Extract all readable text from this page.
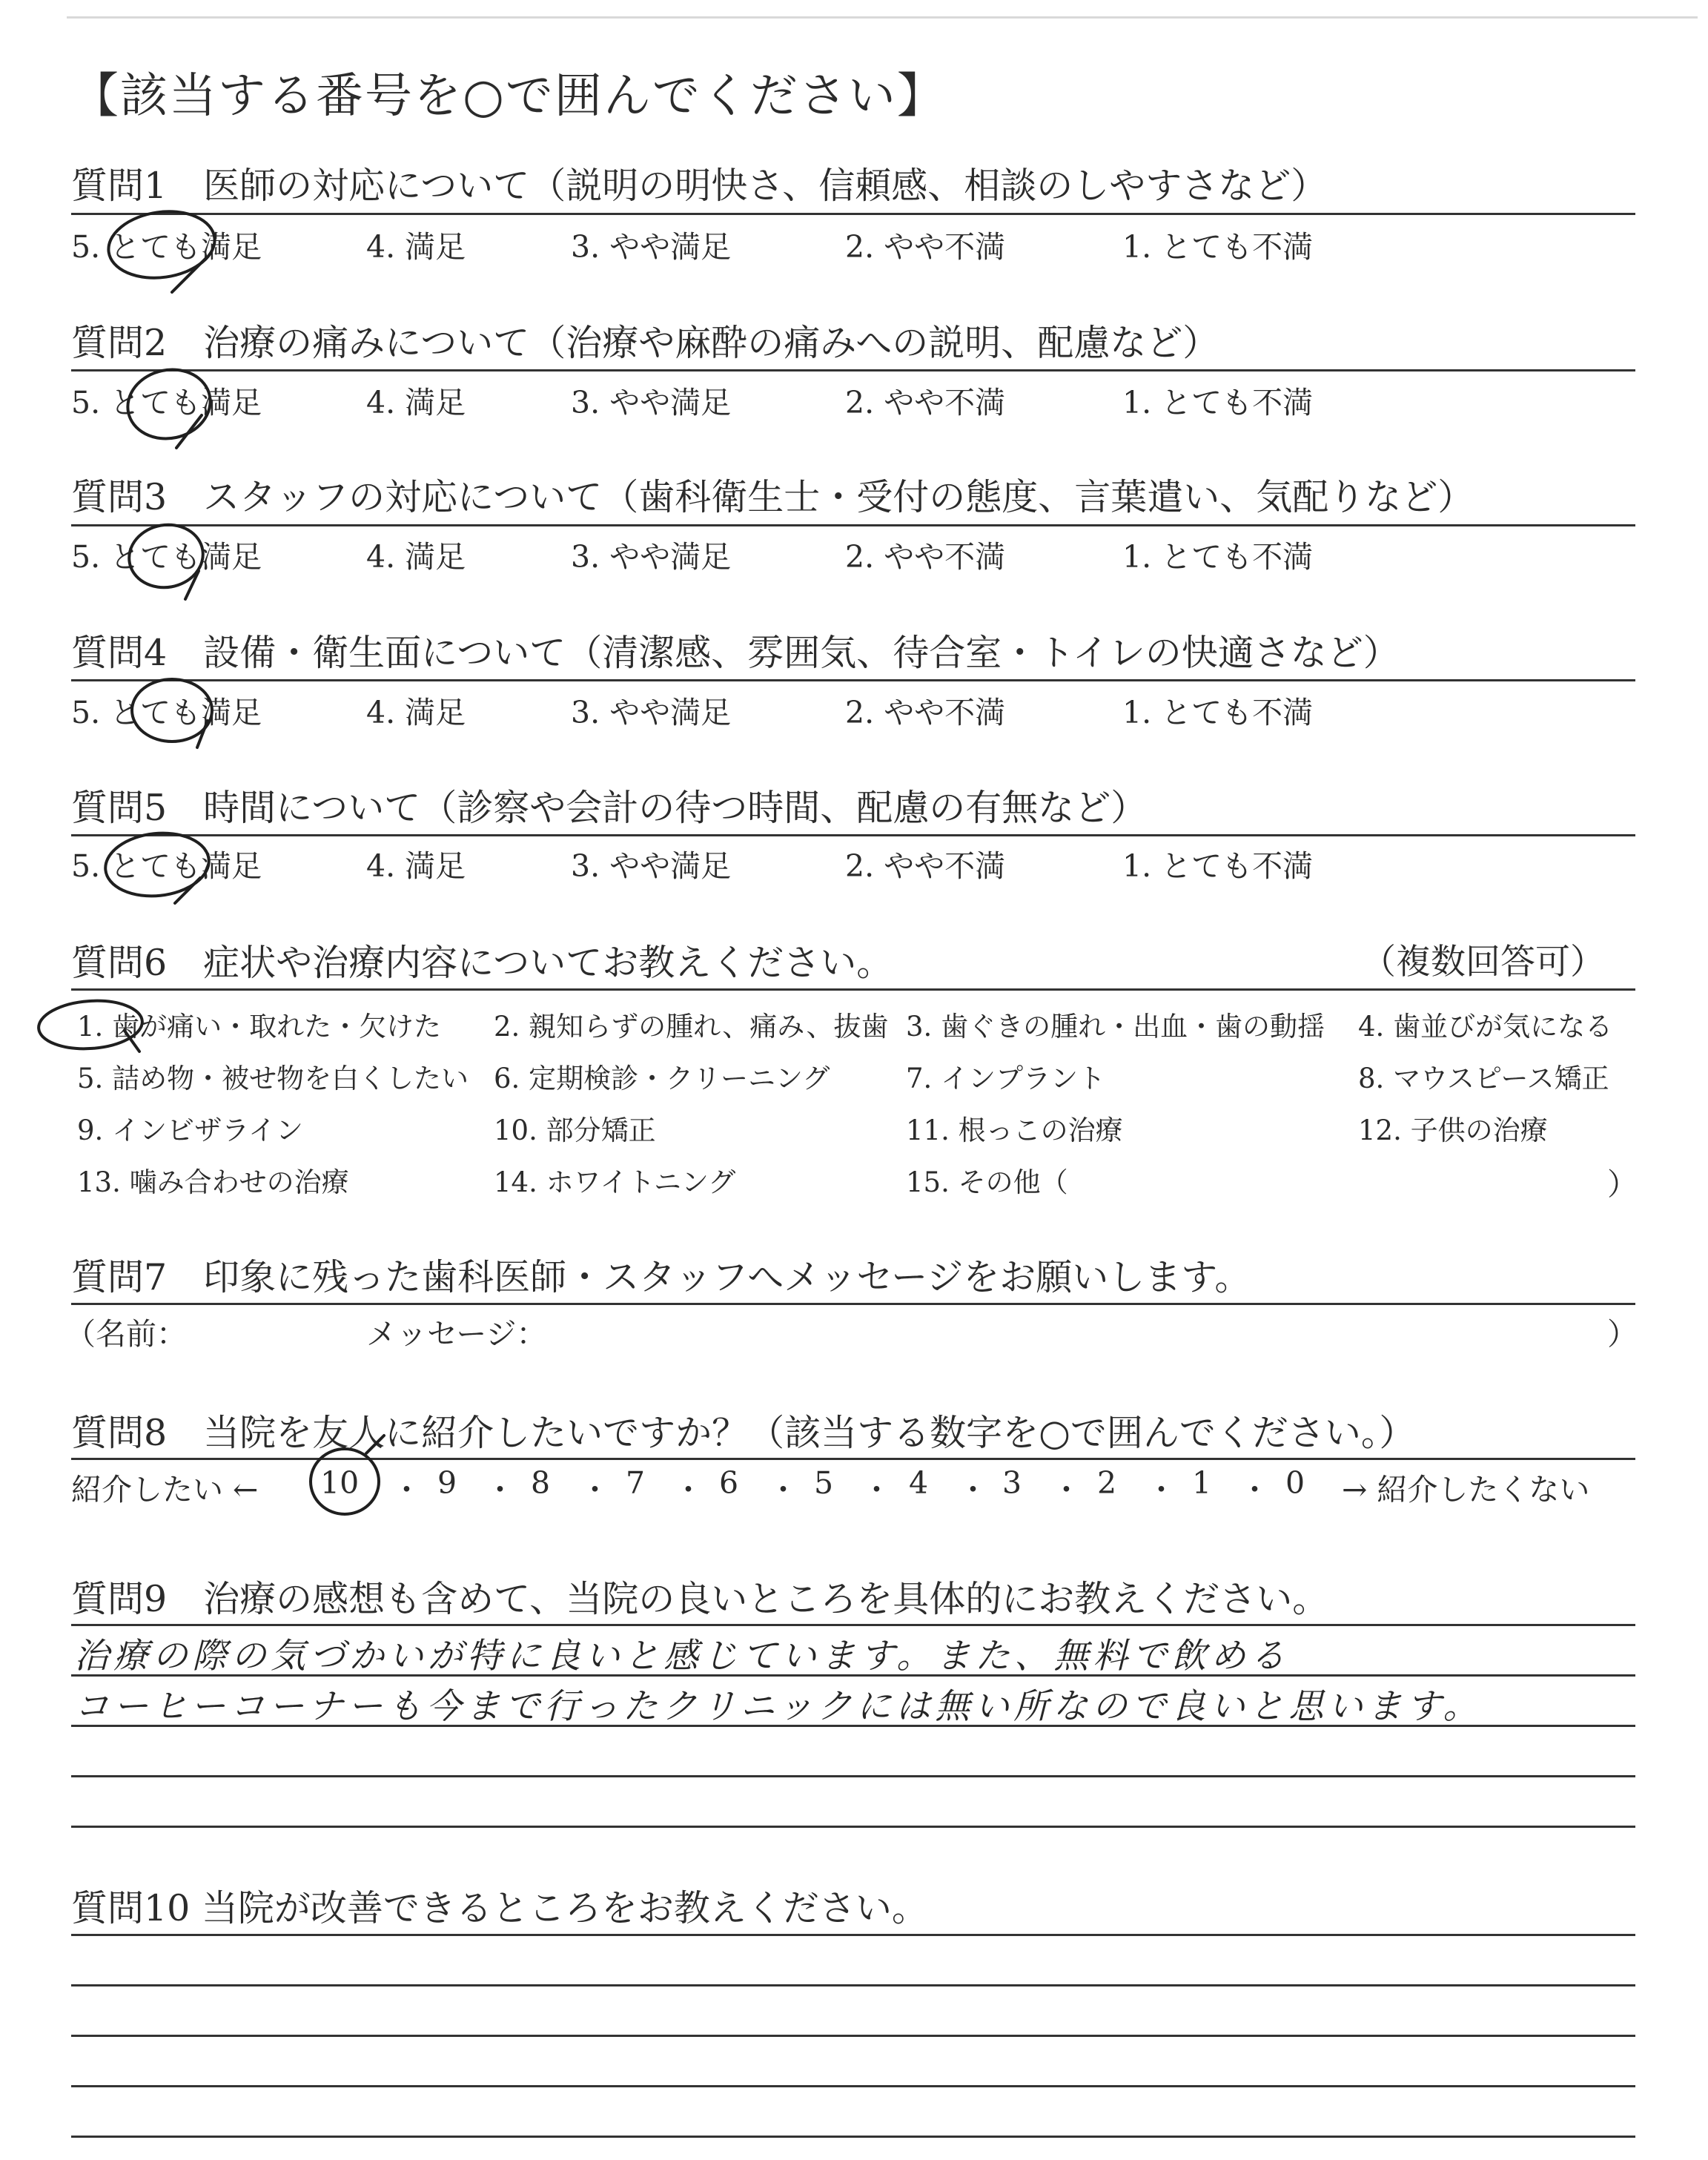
【該当する番号を○で囲んでください】
質問1　医師の対応について（説明の明快さ、信頼感、相談のしやすさなど）
5. とても満足	4. 満足	3. やや満足	2. やや不満	1. とても不満
質問2　治療の痛みについて（治療や麻酔の痛みへの説明、配慮など）
5. とても満足	4. 満足	3. やや満足	2. やや不満	1. とても不満
質問3　スタッフの対応について（歯科衛生士・受付の態度、言葉遣い、気配りなど）
5. とても満足	4. 満足	3. やや満足	2. やや不満	1. とても不満
質問4　設備・衛生面について（清潔感、雰囲気、待合室・トイレの快適さなど）
5. とても満足	4. 満足	3. やや満足	2. やや不満	1. とても不満
質問5　時間について（診察や会計の待つ時間、配慮の有無など）
5. とても満足	4. 満足	3. やや満足	2. やや不満	1. とても不満
質問6　症状や治療内容についてお教えください。	（複数回答可）
1. 歯が痛い・取れた・欠けた 2. 親知らずの腫れ、痛み、抜歯 3. 歯ぐきの腫れ・出血・歯の動揺 4. 歯並びが気になる
5. 詰め物・被せ物を白くしたい 6. 定期検診・クリーニング	7. インプラント	8. マウスピース矯正
9. インビザライン	10. 部分矯正	11. 根っこの治療	12. 子供の治療
13. 噛み合わせの治療	14. ホワイトニング	15. その他（	）
質問7　印象に残った歯科医師・スタッフへメッセージをお願いします。
（名前：	メッセージ：	）
質問8　当院を友人に紹介したいですか？（該当する数字を○で囲んでください。）
紹介したい ← 10 ・ 9 ・ 8 ・ 7 ・ 6 ・ 5 ・ 4 ・ 3 ・ 2 ・ 1 ・ 0 → 紹介したくない
質問9　治療の感想も含めて、当院の良いところを具体的にお教えください。
治療の際の気づかいが特に良いと感じています。また、無料で飲める
コーヒーコーナーも今まで行ったクリニックには無い所なので良いと思います。
質問10 当院が改善できるところをお教えください。
